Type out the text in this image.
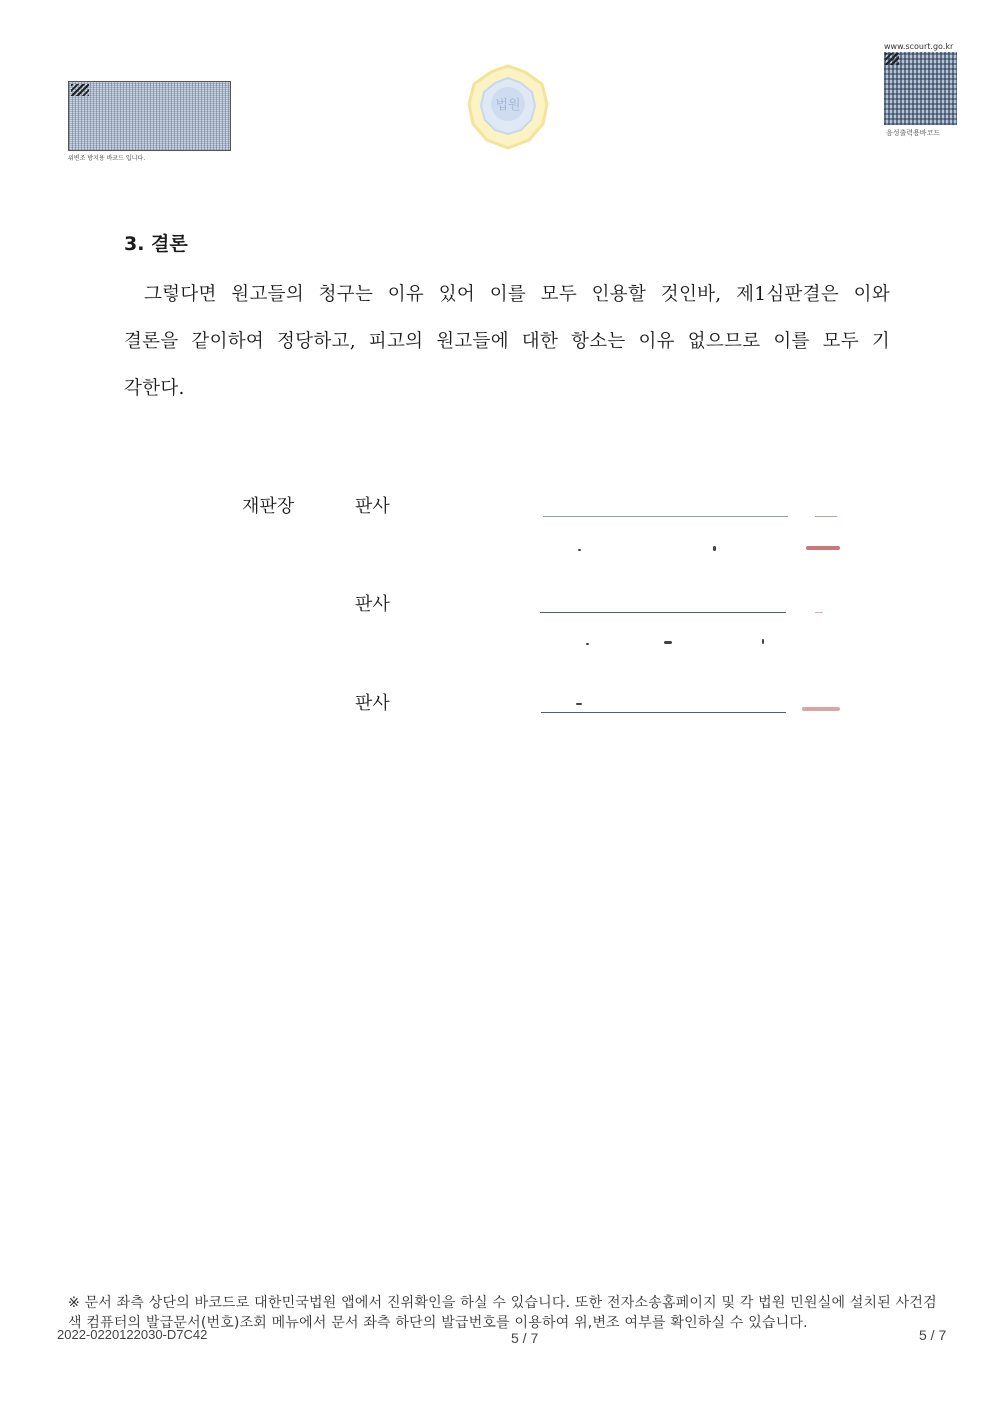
위변조 방지용 바코드 입니다.
법원
www.scourt.go.kr
음성출력용바코드
3. 결론
그렇다면 원고들의 청구는 이유 있어 이를 모두 인용할 것인바, 제1심판결은 이와 결론을 같이하여 정당하고, 피고의 원고들에 대한 항소는 이유 없으므로 이를 모두 기각한다.
재판장	판사
판사
판사
※ 문서 좌측 상단의 바코드로 대한민국법원 앱에서 진위확인을 하실 수 있습니다. 또한 전자소송홈페이지 및 각 법원 민원실에 설치된 사건검색 컴퓨터의 발급문서(번호)조회 메뉴에서 문서 좌측 하단의 발급번호를 이용하여 위,변조 여부를 확인하실 수 있습니다.
2022-0220122030-D7C42	5 / 7	5 / 7
